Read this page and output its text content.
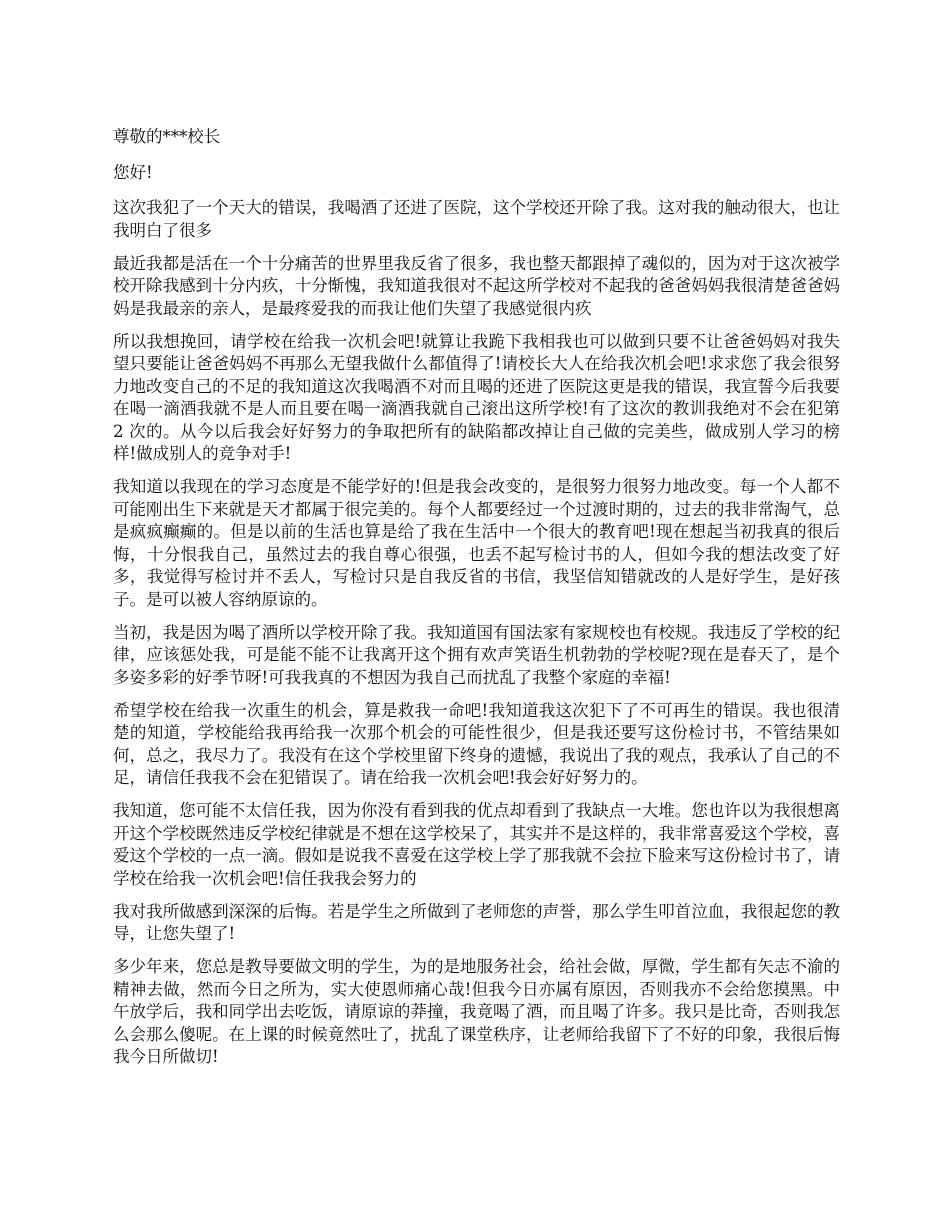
尊敬的***校长

您好!

这次我犯了一个天大的错误，我喝酒了还进了医院，这个学校还开除了我。这对我的触动很大，也让我明白了很多

最近我都是活在一个十分痛苦的世界里我反省了很多，我也整天都跟掉了魂似的，因为对于这次被学校开除我感到十分内疚，十分惭愧，我知道我很对不起这所学校对不起我的爸爸妈妈我很清楚爸爸妈妈是我最亲的亲人，是最疼爱我的而我让他们失望了我感觉很内疚

所以我想挽回，请学校在给我一次机会吧!就算让我跪下我相我也可以做到只要不让爸爸妈妈对我失望只要能让爸爸妈妈不再那么无望我做什么都值得了!请校长大人在给我次机会吧!求求您了我会很努力地改变自己的不足的我知道这次我喝酒不对而且喝的还进了医院这更是我的错误，我宣誓今后我要在喝一滴酒我就不是人而且要在喝一滴酒我就自己滚出这所学校!有了这次的教训我绝对不会在犯第 2 次的。从今以后我会好好努力的争取把所有的缺陷都改掉让自己做的完美些，做成别人学习的榜样!做成别人的竞争对手!

我知道以我现在的学习态度是不能学好的!但是我会改变的，是很努力很努力地改变。每一个人都不可能刚出生下来就是天才都属于很完美的。每个人都要经过一个过渡时期的，过去的我非常淘气，总是疯疯癫癫的。但是以前的生活也算是给了我在生活中一个很大的教育吧!现在想起当初我真的很后悔，十分恨我自己，虽然过去的我自尊心很强，也丢不起写检讨书的人，但如今我的想法改变了好多，我觉得写检讨并不丢人，写检讨只是自我反省的书信，我坚信知错就改的人是好学生，是好孩子。是可以被人容纳原谅的。

当初，我是因为喝了酒所以学校开除了我。我知道国有国法家有家规校也有校规。我违反了学校的纪律，应该惩处我，可是能不能不让我离开这个拥有欢声笑语生机勃勃的学校呢?现在是春天了，是个多姿多彩的好季节呀!可我我真的不想因为我自己而扰乱了我整个家庭的幸福!

希望学校在给我一次重生的机会，算是救我一命吧!我知道我这次犯下了不可再生的错误。我也很清楚的知道，学校能给我再给我一次那个机会的可能性很少，但是我还要写这份检讨书，不管结果如何，总之，我尽力了。我没有在这个学校里留下终身的遗憾，我说出了我的观点，我承认了自己的不足，请信任我我不会在犯错误了。请在给我一次机会吧!我会好好努力的。

我知道，您可能不太信任我，因为你没有看到我的优点却看到了我缺点一大堆。您也许以为我很想离开这个学校既然违反学校纪律就是不想在这学校呆了，其实并不是这样的，我非常喜爱这个学校，喜爱这个学校的一点一滴。假如是说我不喜爱在这学校上学了那我就不会拉下脸来写这份检讨书了，请学校在给我一次机会吧!信任我我会努力的

我对我所做感到深深的后悔。若是学生之所做到了老师您的声誉，那么学生叩首泣血，我很起您的教导，让您失望了!

多少年来，您总是教导要做文明的学生，为的是地服务社会，给社会做，厚微，学生都有矢志不渝的精神去做，然而今日之所为，实大使恩师痛心哉!但我今日亦属有原因，否则我亦不会给您摸黑。中午放学后，我和同学出去吃饭，请原谅的莽撞，我竟喝了酒，而且喝了许多。我只是比奇，否则我怎么会那么傻呢。在上课的时候竟然吐了，扰乱了课堂秩序，让老师给我留下了不好的印象，我很后悔我今日所做切!
